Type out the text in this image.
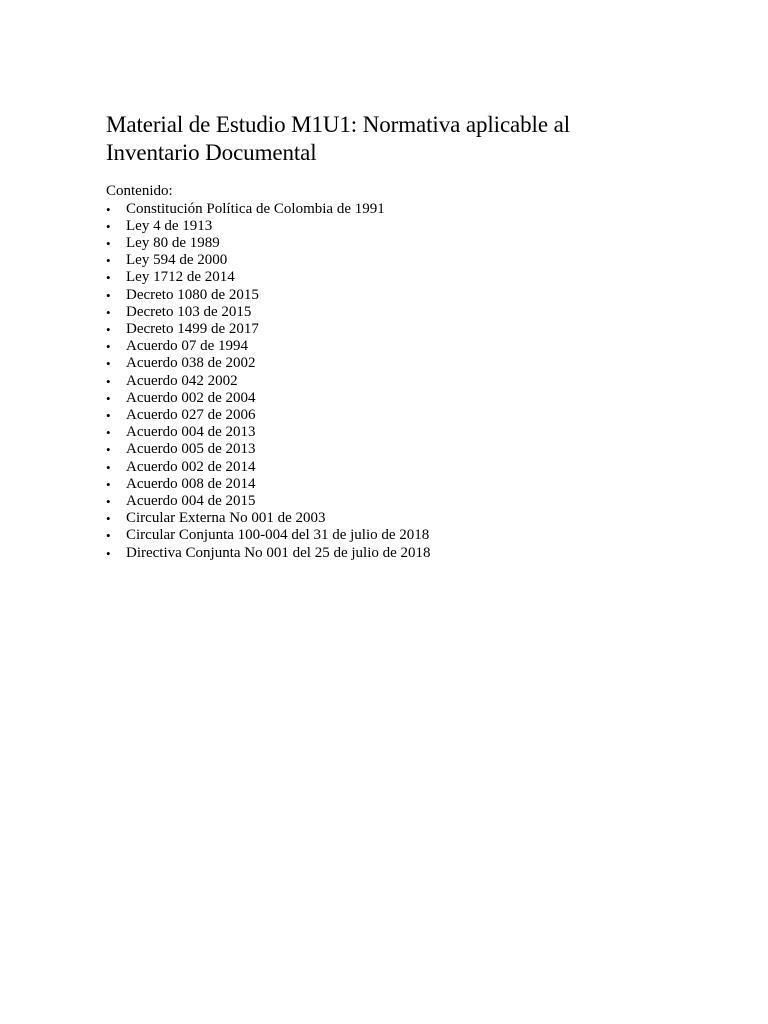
Material de Estudio M1U1: Normativa aplicable al Inventario Documental

Contenido:

• Constitución Política de Colombia de 1991
• Ley 4 de 1913
• Ley 80 de 1989
• Ley 594 de 2000
• Ley 1712 de 2014
• Decreto 1080 de 2015
• Decreto 103 de 2015
• Decreto 1499 de 2017
• Acuerdo 07 de 1994
• Acuerdo 038 de 2002
• Acuerdo 042 2002
• Acuerdo 002 de 2004
• Acuerdo 027 de 2006
• Acuerdo 004 de 2013
• Acuerdo 005 de 2013
• Acuerdo 002 de 2014
• Acuerdo 008 de 2014
• Acuerdo 004 de 2015
• Circular Externa No 001 de 2003
• Circular Conjunta 100-004 del 31 de julio de 2018
• Directiva Conjunta No 001 del 25 de julio de 2018
